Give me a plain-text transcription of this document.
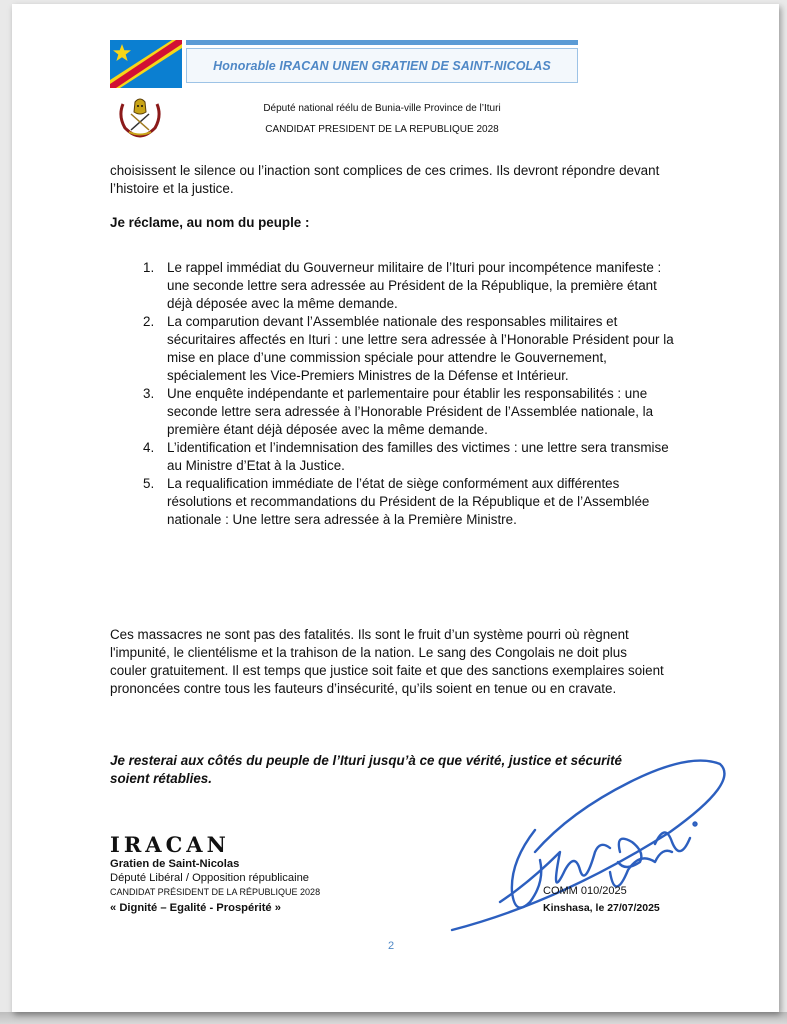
Honorable IRACAN UNEN GRATIEN DE SAINT-NICOLAS
Député national réélu de Bunia-ville Province de l’Ituri
CANDIDAT PRESIDENT DE LA REPUBLIQUE 2028
choisissent le silence ou l’inaction sont complices de ces crimes. Ils devront répondre devant l’histoire et la justice.
Je réclame, au nom du peuple :
1. Le rappel immédiat du Gouverneur militaire de l’Ituri pour incompétence manifeste : une seconde lettre sera adressée au Président de la République, la première étant déjà déposée avec la même demande.
2. La comparution devant l’Assemblée nationale des responsables militaires et sécuritaires affectés en Ituri : une lettre sera adressée à l’Honorable Président pour la mise en place d’une commission spéciale pour attendre le Gouvernement, spécialement les Vice-Premiers Ministres de la Défense et Intérieur.
3. Une enquête indépendante et parlementaire pour établir les responsabilités : une seconde lettre sera adressée à l’Honorable Président de l’Assemblée nationale, la première étant déjà déposée avec la même demande.
4. L’identification et l’indemnisation des familles des victimes : une lettre sera transmise au Ministre d’Etat à la Justice.
5. La requalification immédiate de l’état de siège conformément aux différentes résolutions et recommandations du Président de la République et de l’Assemblée nationale : Une lettre sera adressée à la Première Ministre.
Ces massacres ne sont pas des fatalités. Ils sont le fruit d’un système pourri où règnent l'impunité, le clientélisme et la trahison de la nation. Le sang des Congolais ne doit plus couler gratuitement. Il est temps que justice soit faite et que des sanctions exemplaires soient prononcées contre tous les fauteurs d’insécurité, qu’ils soient en tenue ou en cravate.
Je resterai aux côtés du peuple de l’Ituri jusqu’à ce que vérité, justice et sécurité soient rétablies.
IRACAN
Gratien de Saint-Nicolas
Député Libéral / Opposition républicaine
CANDIDAT PRÉSIDENT DE LA RÉPUBLIQUE 2028
« Dignité – Egalité - Prospérité »
COMM 010/2025
Kinshasa, le 27/07/2025
2
